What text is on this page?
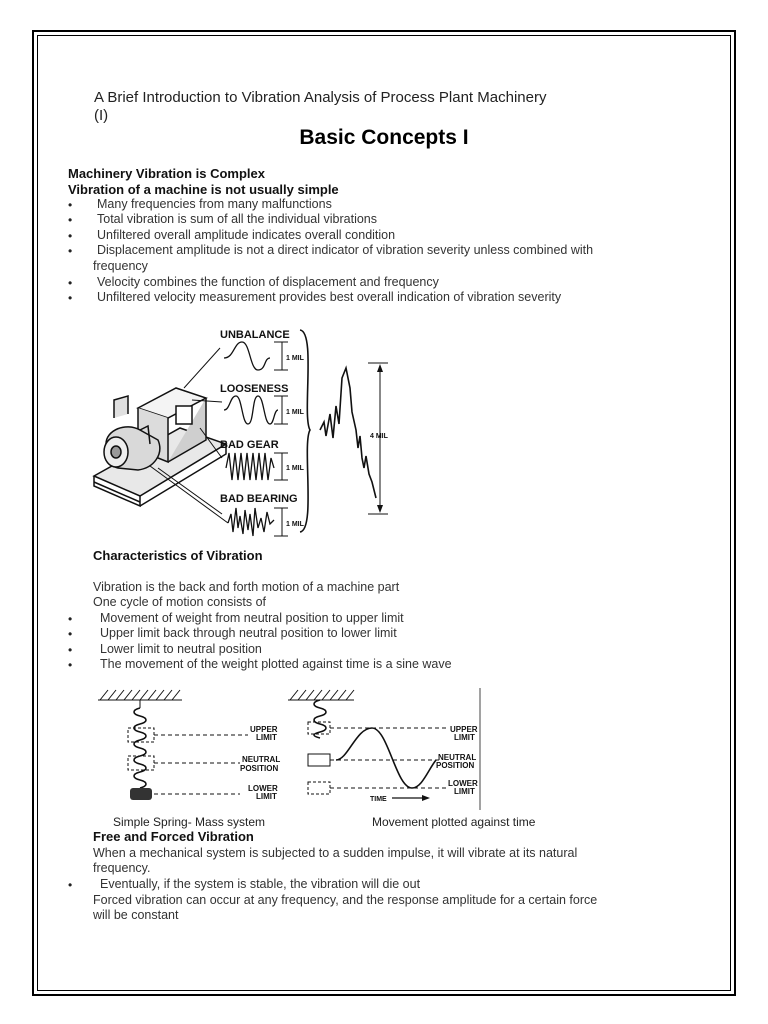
A Brief Introduction to Vibration Analysis of Process Plant Machinery
(I)
Basic Concepts I
Machinery Vibration is Complex
Vibration of a machine is not usually simple
• Many frequencies from many malfunctions
• Total vibration is sum of all the individual vibrations
• Unfiltered overall amplitude indicates overall condition
• Displacement amplitude is not a direct indicator of vibration severity unless combined with
frequency
• Velocity combines the function of displacement and frequency
• Unfiltered velocity measurement provides best overall indication of vibration severity
UNBALANCE
LOOSENESS
BAD GEAR
BAD BEARING
1 MIL
1 MIL
1 MIL
1 MIL
4 MIL
Characteristics of Vibration
Vibration is the back and forth motion of a machine part
One cycle of motion consists of
• Movement of weight from neutral position to upper limit
• Upper limit back through neutral position to lower limit
• Lower limit to neutral position
• The movement of the weight plotted against time is a sine wave
UPPER
LIMIT
NEUTRAL
POSITION
LOWER
LIMIT	TIME
UPPER
LIMIT
NEUTRAL
POSITION
LOWER
LIMIT
Simple Spring- Mass system	Movement plotted against time
Free and Forced Vibration
When a mechanical system is subjected to a sudden impulse, it will vibrate at its natural
frequency.
• Eventually, if the system is stable, the vibration will die out
Forced vibration can occur at any frequency, and the response amplitude for a certain force
will be constant
